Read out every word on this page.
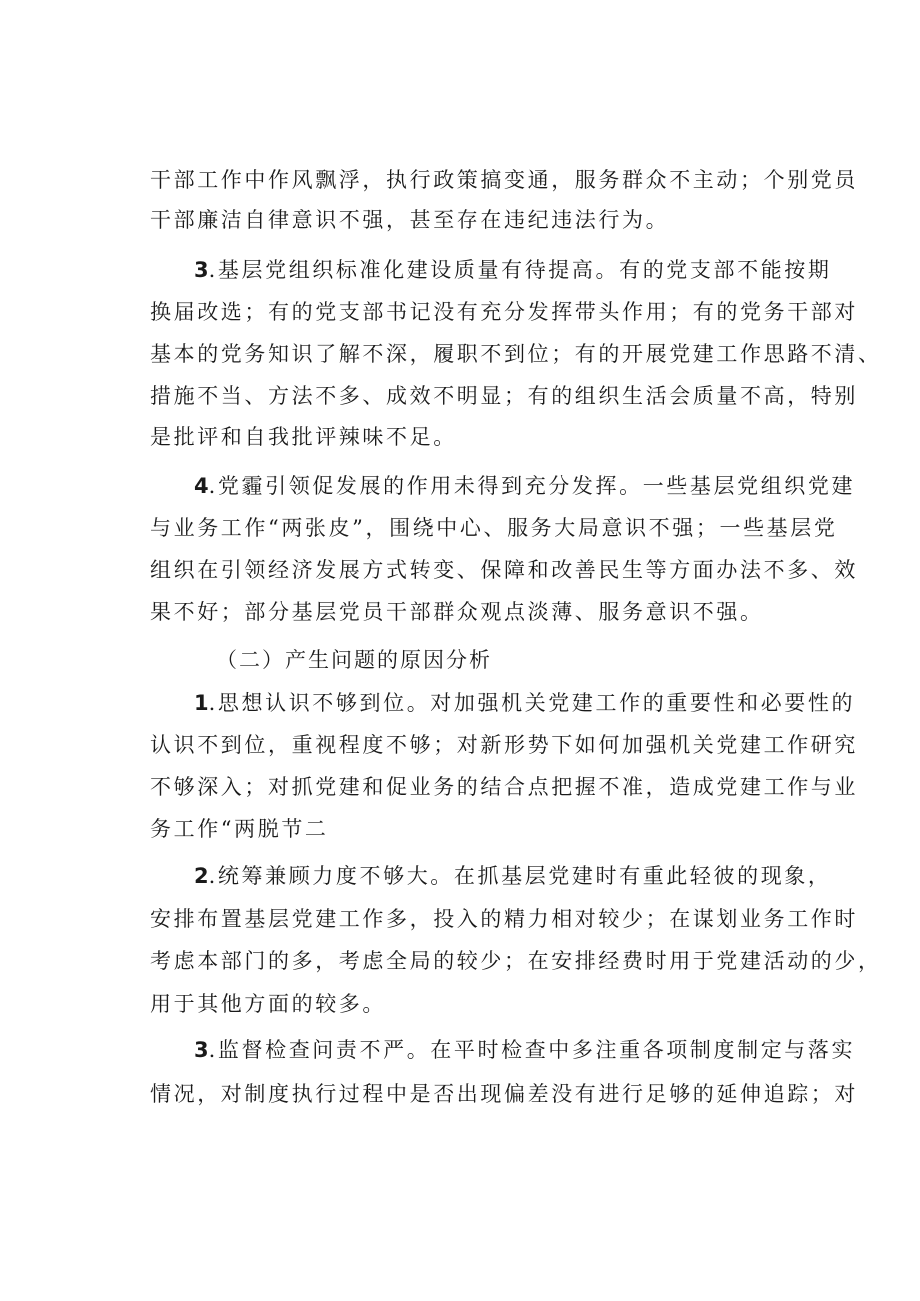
干部工作中作风飘浮，执行政策搞变通，服务群众不主动；个别党员
干部廉洁自律意识不强，甚至存在违纪违法行为。
3.基层党组织标准化建设质量有待提高。有的党支部不能按期
换届改选；有的党支部书记没有充分发挥带头作用；有的党务干部对
基本的党务知识了解不深，履职不到位；有的开展党建工作思路不清、
措施不当、方法不多、成效不明显；有的组织生活会质量不高，特别
是批评和自我批评辣味不足。
4.党霾引领促发展的作用未得到充分发挥。一些基层党组织党建
与业务工作“两张皮”，围绕中心、服务大局意识不强；一些基层党
组织在引领经济发展方式转变、保障和改善民生等方面办法不多、效
果不好；部分基层党员干部群众观点淡薄、服务意识不强。
（二）产生问题的原因分析
1.思想认识不够到位。对加强机关党建工作的重要性和必要性的
认识不到位，重视程度不够；对新形势下如何加强机关党建工作研究
不够深入；对抓党建和促业务的结合点把握不准，造成党建工作与业
务工作“两脱节二
2.统筹兼顾力度不够大。在抓基层党建时有重此轻彼的现象，
安排布置基层党建工作多，投入的精力相对较少；在谋划业务工作时
考虑本部门的多，考虑全局的较少；在安排经费时用于党建活动的少，
用于其他方面的较多。
3.监督检查问责不严。在平时检查中多注重各项制度制定与落实
情况，对制度执行过程中是否出现偏差没有进行足够的延伸追踪；对
